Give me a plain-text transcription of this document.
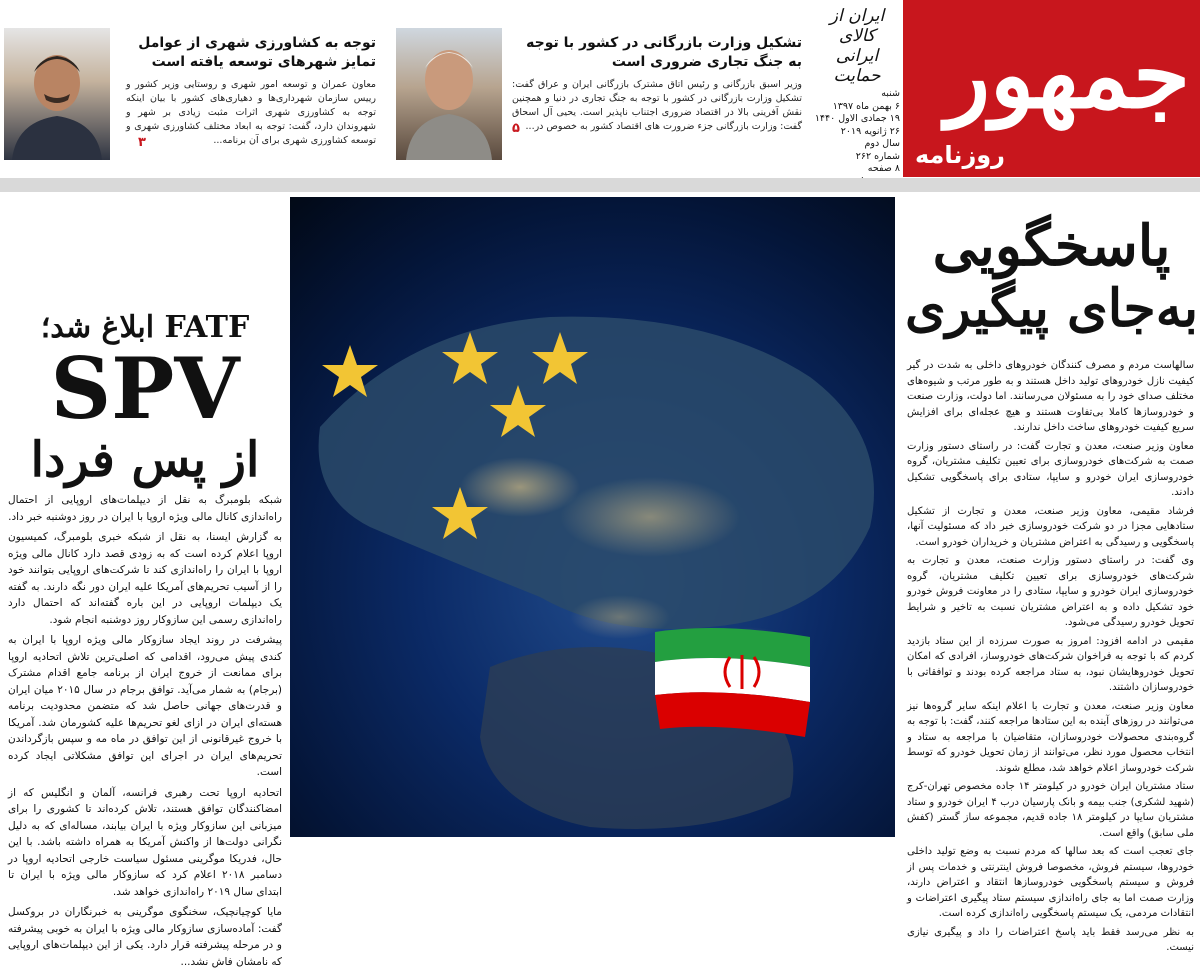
جمهور
روزنامه
ایران از کالای ایرانی حمایت
شنبه
۶ بهمن ماه ۱۳۹۷
۱۹ جمادی الاول ۱۴۴۰
۲۶ ژانویه ۲۰۱۹
سال دوم
شماره ۲۶۲
۸ صفحه
تشکیل وزارت بازرگانی در کشور با توجه به جنگ تجاری ضروری است
وزیر اسبق بازرگانی و رئیس اتاق مشترک بازرگانی ایران و عراق گفت: تشکیل وزارت بازرگانی در کشور با توجه به جنگ تجاری در دنیا و همچنین نقش آفرینی بالا در اقتصاد ضروری اجتناب ناپذیر است. یحیی آل اسحاق گفت: وزارت بازرگانی جزء ضرورت های اقتصاد کشور به خصوص در...
۵
توجه به کشاورزی شهری از عوامل تمایز شهرهای توسعه یافته است
معاون عمران و توسعه امور شهری و روستایی وزیر کشور و رییس سازمان شهرداری‌ها و دهیاری‌های کشور با بیان اینکه توجه به کشاورزی شهری اثرات مثبت زیادی بر شهر و شهروندان دارد، گفت: توجه به ابعاد مختلف کشاورزی شهری و توسعه کشاورزی شهری برای آن برنامه...
۳
FATF ابلاغ شد؛
SPV
از پس فردا

شبکه بلومبرگ به نقل از دیپلمات‌های اروپایی از احتمال راه‌اندازی کانال مالی ویژه اروپا با ایران در روز دوشنبه خبر داد.

به گزارش ایسنا، به نقل از شبکه خبری بلومبرگ، کمیسیون اروپا اعلام کرده است که به زودی قصد دارد کانال مالی ویژه اروپا با ایران را راه‌اندازی کند تا شرکت‌های اروپایی بتوانند خود را از آسیب تحریم‌های آمریکا علیه ایران دور نگه دارند. به گفته یک دیپلمات اروپایی در این باره گفته‌اند که احتمال دارد راه‌اندازی رسمی این سازوکار روز دوشنبه انجام شود.

پیشرفت در روند ایجاد سازوکار مالی ویژه اروپا با ایران به کندی پیش می‌رود، اقدامی که اصلی‌ترین تلاش اتحادیه اروپا برای ممانعت از خروج ایران از برنامه جامع اقدام مشترک (برجام) به شمار می‌آید. توافق برجام در سال ۲۰۱۵ میان ایران و قدرت‌های جهانی حاصل شد که متضمن محدودیت برنامه هسته‌ای ایران در ازای لغو تحریم‌ها علیه کشورمان شد. آمریکا با خروج غیرقانونی از این توافق در ماه مه و سپس بازگرداندن تحریم‌های ایران در اجرای این توافق مشکلاتی ایجاد کرده است.

اتحادیه اروپا تحت رهبری فرانسه، آلمان و انگلیس که از امضاکنندگان توافق هستند، تلاش کرده‌اند تا کشوری را برای میزبانی این سازوکار ویژه با ایران بیابند، مساله‌ای که به دلیل نگرانی دولت‌ها از واکنش آمریکا به همراه داشته باشد. با این حال، فدریکا موگرینی مسئول سیاست خارجی اتحادیه اروپا در دسامبر ۲۰۱۸ اعلام کرد که سازوکار مالی ویژه با ایران تا ابتدای سال ۲۰۱۹ راه‌اندازی خواهد شد.

مایا کوچیانچیک، سخنگوی موگرینی به خبرنگاران در بروکسل گفت: آماده‌سازی سازوکار مالی ویژه با ایران به خوبی پیشرفته و در مرحله پیشرفته قرار دارد. یکی از این دیپلمات‌های اروپایی که نامشان فاش نشد...

پاسخگویی
به‌جای پیگیری

سالهاست مردم و مصرف کنندگان خودروهای داخلی به شدت در گیر کیفیت نازل خودروهای تولید داخل هستند و به طور مرتب و شیوه‌های مختلف صدای خود را به مسئولان می‌رسانند. اما دولت، وزارت صنعت و خودروسازها کاملا بی‌تفاوت هستند و هیچ عجله‌ای برای افزایش سریع کیفیت خودروهای ساخت داخل ندارند.

معاون وزیر صنعت، معدن و تجارت گفت: در راستای دستور وزارت صمت به شرکت‌های خودروسازی برای تعیین تکلیف مشتریان، گروه خودروسازی ایران خودرو و سایپا، ستادی برای پاسخگویی تشکیل دادند.

فرشاد مقیمی، معاون وزیر صنعت، معدن و تجارت از تشکیل ستادهایی مجزا در دو شرکت خودروسازی خبر داد که مسئولیت آنها، پاسخگویی و رسیدگی به اعتراض مشتریان و خریداران خودرو است.

وی گفت: در راستای دستور وزارت صنعت، معدن و تجارت به شرکت‌های خودروسازی برای تعیین تکلیف مشتریان، گروه خودروسازی ایران خودرو و سایپا، ستادی را در معاونت فروش خودرو خود تشکیل داده و به اعتراض مشتریان نسبت به تاخیر و شرایط تحویل خودرو رسیدگی می‌شود.

مقیمی در ادامه افزود: امروز به صورت سرزده از این ستاد بازدید کردم که با توجه به فراخوان شرکت‌های خودروساز، افرادی که امکان تحویل خودروهایشان نبود، به ستاد مراجعه کرده بودند و توافقاتی با خودروسازان داشتند.

معاون وزیر صنعت، معدن و تجارت با اعلام اینکه سایر گروه‌ها نیز می‌توانند در روزهای آینده به این ستادها مراجعه کنند، گفت: با توجه به گروه‌بندی محصولات خودروسازان، متقاضیان با مراجعه به ستاد و انتخاب محصول مورد نظر، می‌توانند از زمان تحویل خودرو که توسط شرکت خودروساز اعلام خواهد شد، مطلع شوند.

ستاد مشتریان ایران خودرو در کیلومتر ۱۴ جاده مخصوص تهران-کرج (شهید لشکری) جنب بیمه و بانک پارسیان درب ۴ ایران خودرو و ستاد مشتریان سایپا در کیلومتر ۱۸ جاده قدیم، مجموعه ساز گستر (کفش ملی سابق) واقع است.

جای تعجب است که بعد سالها که مردم نسبت به وضع تولید داخلی خودروها، سیستم فروش، مخصوصا فروش اینترنتی و خدمات پس از فروش و سیستم پاسخگویی خودروسازها انتقاد و اعتراض دارند، وزارت صمت اما به جای راه‌اندازی سیستم ستاد پیگیری اعتراضات و انتقادات مردمی، یک سیستم پاسخگویی راه‌اندازی کرده است.

به نظر می‌رسد فقط باید پاسخ اعتراضات را داد و پیگیری نیازی نیست.
